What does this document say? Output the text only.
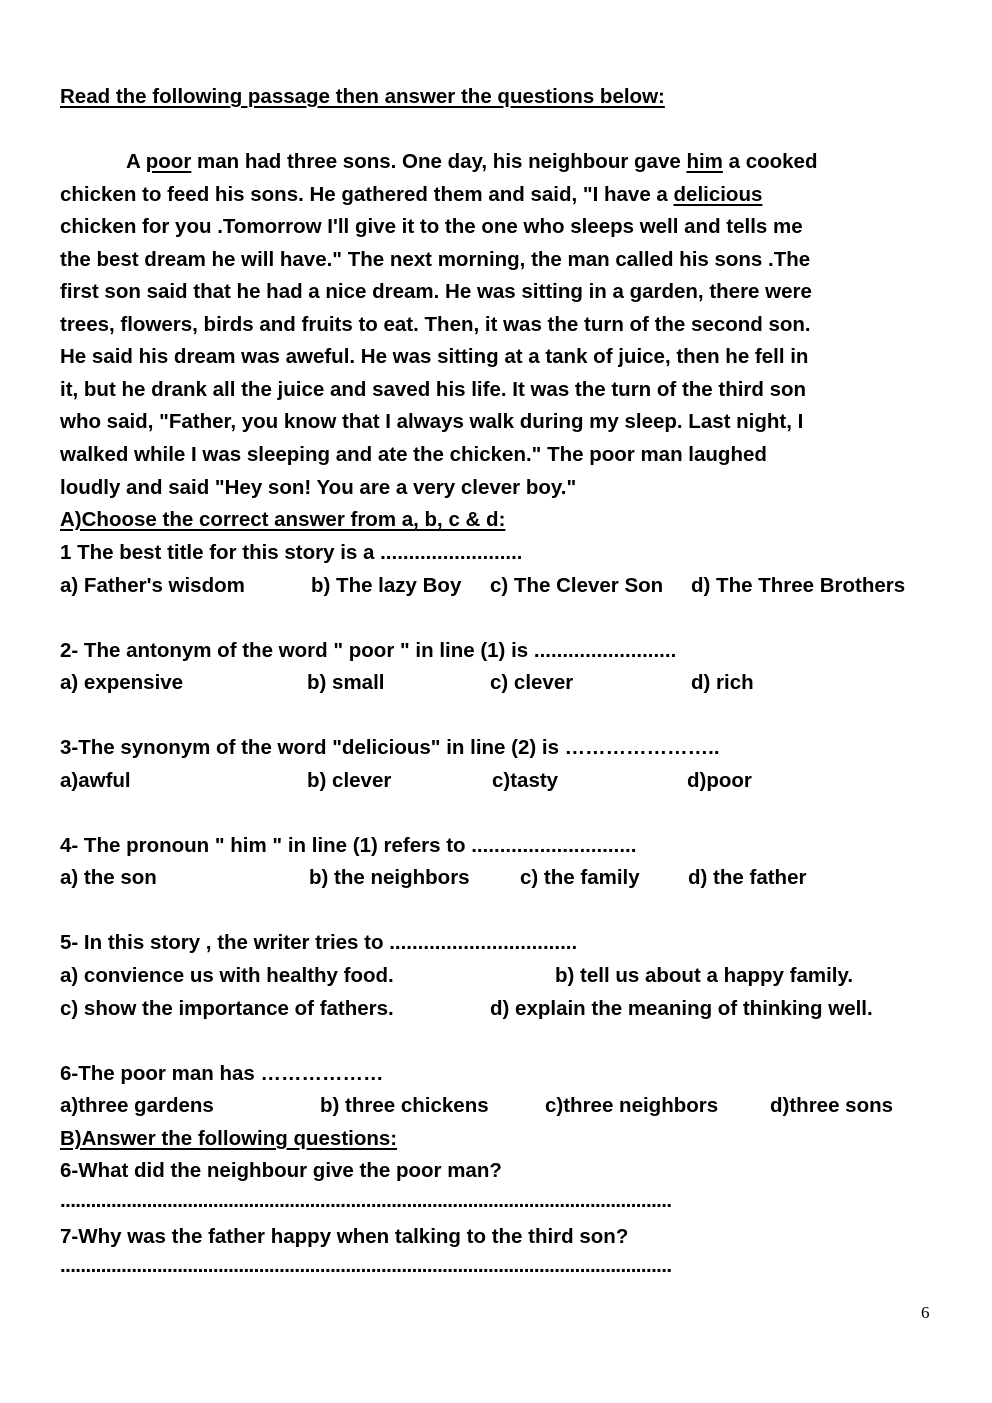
Read the following passage then answer the questions below:
A poor man had three sons. One day, his neighbour gave him a cooked
chicken to feed his sons. He gathered them and said, "I have a delicious
chicken for you .Tomorrow I'll give it to the one who sleeps well and tells me
the best dream he will have." The next morning, the man called his sons .The
first son said that he had a nice dream. He was sitting in a garden, there were
trees, flowers, birds and fruits to eat. Then, it was the turn of the second son.
He said his dream was aweful. He was sitting at a tank of juice, then he fell in
it, but he drank all the juice and saved his life. It was the turn of the third son
who said, "Father, you know that I always walk during my sleep. Last night, I
walked while I was sleeping and ate the chicken." The poor man laughed
loudly and said "Hey son! You are a very clever boy."
A)Choose the correct answer from a, b, c & d:
1 The best title for this story is a .........................
a) Father's wisdom	b) The lazy Boy c) The Clever Son d) The Three Brothers
2- The antonym of the word " poor " in line (1) is .........................
a) expensive	b) small	c) clever	d) rich
3-The synonym of the word "delicious" in line (2) is …………………..
a)awful	b) clever	c)tasty	d)poor
4- The pronoun " him " in line (1) refers to .............................
a) the son	b) the neighbors c) the family d) the father
5- In this story , the writer tries to .................................
a) convience us with healthy food.	b) tell us about a happy family.
c) show the importance of fathers.	d) explain the meaning of thinking well.
6-The poor man has ………………
a)three gardens	b) three chickens	c)three neighbors	d)three sons
B)Answer the following questions:
6-What did the neighbour give the poor man?
........................................................................................................................
7-Why was the father happy when talking to the third son?
........................................................................................................................
6
